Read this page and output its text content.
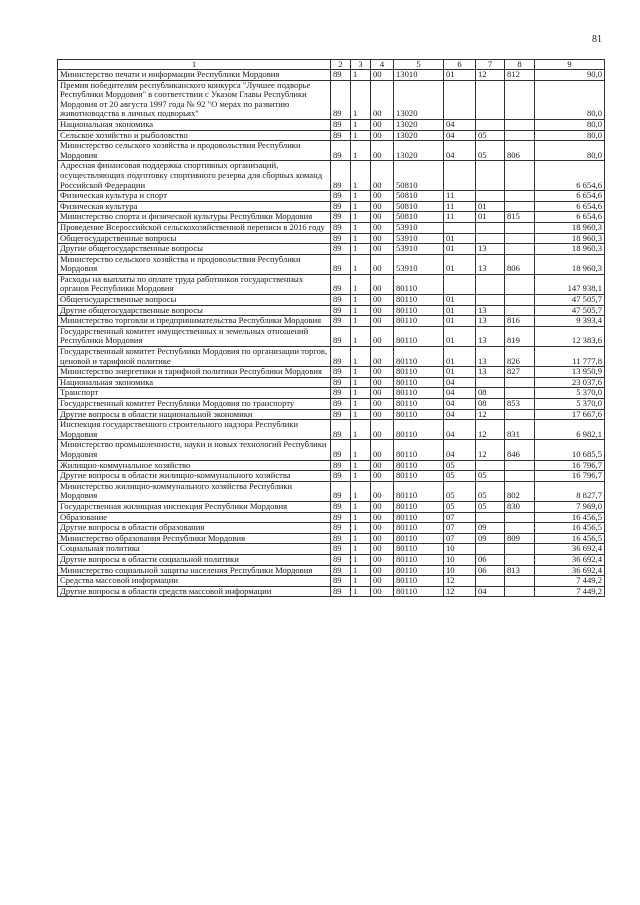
81
1	2	3	4	5	6	7	8	9
Министерство печати и информации Республики Мордовия	89	1	00	13010	01	12	812	90,0
Премия победителям республиканского конкурса "Лучшее подворье Республики Мордовия" в соответствии с Указом Главы Республики Мордовия от 20 августа 1997 года № 92 "О мерах по развитию животноводства в личных подворьях"	89	1	00	13020				80,0
Национальная экономика	89	1	00	13020	04			80,0
Сельское хозяйство и рыболовство	89	1	00	13020	04	05		80,0
Министерство сельского хозяйства и продовольствия Республики Мордовия	89	1	00	13020	04	05	806	80,0
Адресная финансовая поддержка спортивных организаций, осуществляющих подготовку спортивного резерва для сборных команд Российской Федерации	89	1	00	50810				6 654,6
Физическая культура и спорт	89	1	00	50810	11			6 654,6
Физическая культура	89	1	00	50810	11	01		6 654,6
Министерство спорта и физической культуры Республики Мордовия	89	1	00	50810	11	01	815	6 654,6
Проведение Всероссийской сельскохозяйственной переписи в 2016 году	89	1	00	53910				18 960,3
Общегосударственные вопросы	89	1	00	53910	01			18 960,3
Другие общегосударственные вопросы	89	1	00	53910	01	13		18 960,3
Министерство сельского хозяйства и продовольствия Республики Мордовия	89	1	00	53910	01	13	806	18 960,3
Расходы на выплаты по оплате труда работников государственных органов Республики Мордовия	89	1	00	80110				147 938,1
Общегосударственные вопросы	89	1	00	80110	01			47 505,7
Другие общегосударственные вопросы	89	1	00	80110	01	13		47 505,7
Министерство торговли и предпринимательства Республики Мордовия	89	1	00	80110	01	13	816	9 393,4
Государственный комитет имущественных и земельных отношений Республики Мордовия	89	1	00	80110	01	13	819	12 383,6
Государственный комитет Республики Мордовия по организации торгов, ценовой и тарифной политике	89	1	00	80110	01	13	826	11 777,8
Министерство энергетики и тарифной политики Республики Мордовия	89	1	00	80110	01	13	827	13 950,9
Национальная экономика	89	1	00	80110	04			23 037,6
Транспорт	89	1	00	80110	04	08		5 370,0
Государственный комитет Республики Мордовия по транспорту	89	1	00	80110	04	08	853	5 370,0
Другие вопросы в области национальной экономики	89	1	00	80110	04	12		17 667,6
Инспекция государственного строительного надзора Республики Мордовия	89	1	00	80110	04	12	831	6 982,1
Министерство промышленности, науки и новых технологий Республики Мордовия	89	1	00	80110	04	12	846	10 685,5
Жилищно-коммунальное хозяйство	89	1	00	80110	05			16 796,7
Другие вопросы в области жилищно-коммунального хозяйства	89	1	00	80110	05	05		16 796,7
Министерство жилищно-коммунального хозяйства Республики Мордовия	89	1	00	80110	05	05	802	8 827,7
Государственная жилищная инспекция Республики Мордовия	89	1	00	80110	05	05	830	7 969,0
Образование	89	1	00	80110	07			16 456,5
Другие вопросы в области образования	89	1	00	80110	07	09		16 456,5
Министерство образования Республики Мордовия	89	1	00	80110	07	09	809	16 456,5
Социальная политика	89	1	00	80110	10			36 692,4
Другие вопросы в области социальной политики	89	1	00	80110	10	06		36 692,4
Министерство социальной защиты населения Республики Мордовия	89	1	00	80110	10	06	813	36 692,4
Средства массовой информации	89	1	00	80110	12			7 449,2
Другие вопросы в области средств массовой информации	89	1	00	80110	12	04		7 449,2
